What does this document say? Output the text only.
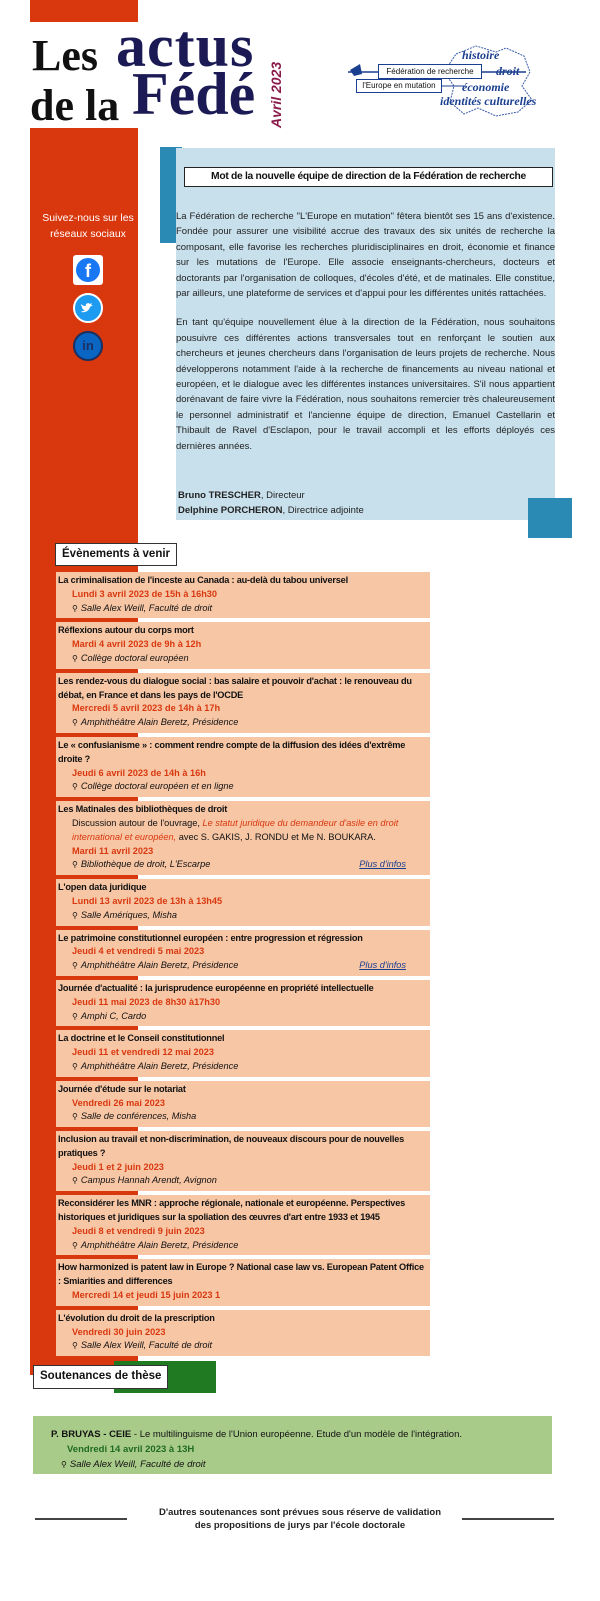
Les actus
de la Fédé Avril 2023	Fédération de recherche
l'Europe en mutation
histoire
droit
économie
identités culturelles
Suivez-nous sur les réseaux sociaux
f
in
Mot de la nouvelle équipe de direction de la Fédération de recherche

La Fédération de recherche "L'Europe en mutation" fêtera bientôt ses 15 ans d'existence. Fondée pour assurer une visibilité accrue des travaux des six unités de recherche la composant, elle favorise les recherches pluridisciplinaires en droit, économie et finance sur les mutations de l'Europe. Elle associe enseignants-chercheurs, docteurs et doctorants par l'organisation de colloques, d'écoles d'été, et de matinales. Elle constitue, par ailleurs, une plateforme de services et d'appui pour les différentes unités rattachées.

En tant qu'équipe nouvellement élue à la direction de la Fédération, nous souhaitons pousuivre ces différentes actions transversales tout en renforçant le soutien aux chercheurs et jeunes chercheurs dans l'organisation de leurs projets de recherche. Nous développerons notamment l'aide à la recherche de financements au niveau national et européen, et le dialogue avec les différentes instances universitaires. S'il nous appartient dorénavant de faire vivre la Fédération, nous souhaitons remercier très chaleureusement le personnel administratif et l'ancienne équipe de direction, Emanuel Castellarin et Thibault de Ravel d'Esclapon, pour le travail accompli et les efforts déployés ces dernières années.

Bruno TRESCHER, Directeur
Delphine PORCHERON, Directrice adjointe
Évènements à venir
La criminalisation de l'inceste au Canada : au-delà du tabou universel
Lundi 3 avril 2023 de 15h à 16h30
⚲ Salle Alex Weill, Faculté de droit
Réflexions autour du corps mort
Mardi 4 avril 2023 de 9h à 12h
⚲ Collège doctoral européen
Les rendez-vous du dialogue social : bas salaire et pouvoir d'achat : le renouveau du débat, en France et dans les pays de l'OCDE
Mercredi 5 avril 2023 de 14h à 17h
⚲ Amphithéâtre Alain Beretz, Présidence
Le « confusianisme » : comment rendre compte de la diffusion des idées d'extrême droite ?
Jeudi 6 avril 2023 de 14h à 16h
⚲ Collège doctoral européen et en ligne
Les Matinales des bibliothèques de droit
Discussion autour de l'ouvrage, Le statut juridique du demandeur d'asile en droit international et européen, avec S. GAKIS, J. RONDU et Me N. BOUKARA.
Mardi 11 avril 2023
⚲ Bibliothèque de droit, L'Escarpe	Plus d'infos
L'open data juridique
Lundi 13 avril 2023 de 13h à 13h45
⚲ Salle Amériques, Misha
Le patrimoine constitutionnel européen : entre progression et régression
Jeudi 4 et vendredi 5 mai 2023
⚲ Amphithéâtre Alain Beretz, Présidence	Plus d'infos
Journée d'actualité : la jurisprudence européenne en propriété intellectuelle
Jeudi 11 mai 2023 de 8h30 à17h30
⚲ Amphi C, Cardo
La doctrine et le Conseil constitutionnel
Jeudi 11 et vendredi 12 mai 2023
⚲ Amphithéâtre Alain Beretz, Présidence
Journée d'étude sur le notariat
Vendredi 26 mai 2023
⚲ Salle de conférences, Misha
Inclusion au travail et non-discrimination, de nouveaux discours pour de nouvelles pratiques ?
Jeudi 1 et 2 juin 2023
⚲ Campus Hannah Arendt, Avignon
Reconsidérer les MNR : approche régionale, nationale et européenne. Perspectives historiques et juridiques sur la spoliation des œuvres d'art entre 1933 et 1945
Jeudi 8 et vendredi 9 juin 2023
⚲ Amphithéâtre Alain Beretz, Présidence
How harmonized is patent law in Europe ? National case law vs. European Patent Office : Smiarities and differences
Mercredi 14 et jeudi 15 juin 2023 1
L'évolution du droit de la prescription
Vendredi 30 juin 2023
⚲ Salle Alex Weill, Faculté de droit
Soutenances de thèse
P. BRUYAS - CEIE - Le multilinguisme de l'Union européenne. Etude d'un modèle de l'intégration.
Vendredi 14 avril 2023 à 13H
⚲ Salle Alex Weill, Faculté de droit
D'autres soutenances sont prévues sous réserve de validation
des propositions de jurys par l'école doctorale
